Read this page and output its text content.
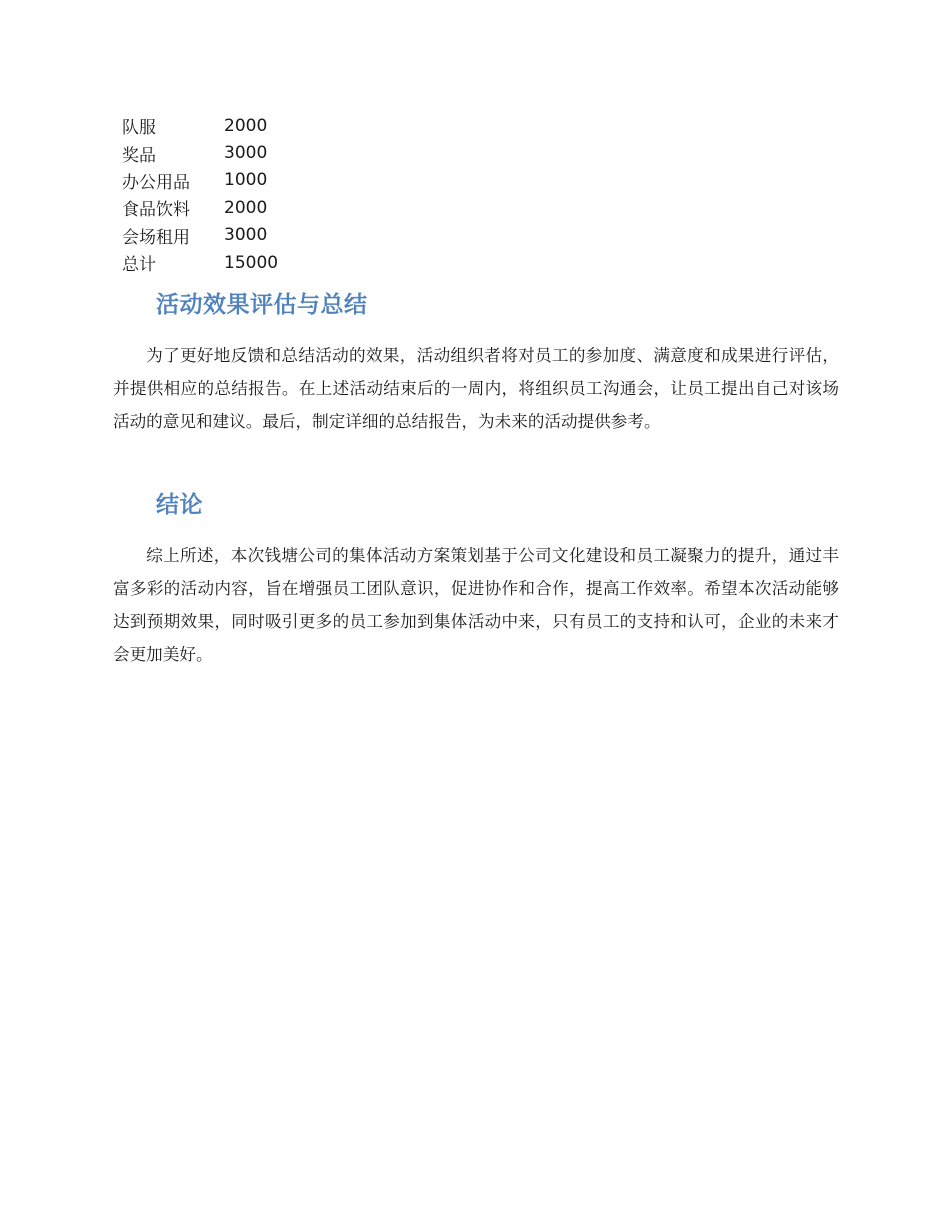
队服	2000
奖品	3000
办公用品	1000
食品饮料	2000
会场租用	3000
总计	15000
活动效果评估与总结

为了更好地反馈和总结活动的效果，活动组织者将对员工的参加度、满意度和成果进行评估，并提供相应的总结报告。在上述活动结束后的一周内，将组织员工沟通会，让员工提出自己对该场活动的意见和建议。最后，制定详细的总结报告，为未来的活动提供参考。

结论

综上所述，本次钱塘公司的集体活动方案策划基于公司文化建设和员工凝聚力的提升，通过丰富多彩的活动内容，旨在增强员工团队意识，促进协作和合作，提高工作效率。希望本次活动能够达到预期效果，同时吸引更多的员工参加到集体活动中来，只有员工的支持和认可，企业的未来才会更加美好。
